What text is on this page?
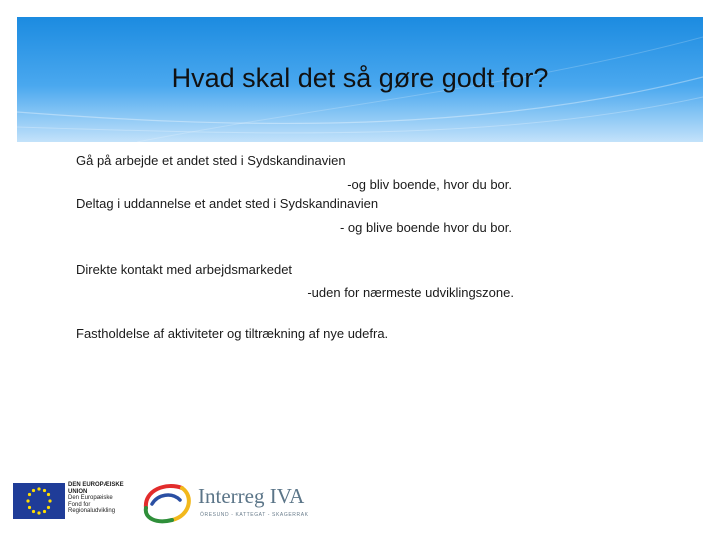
Hvad skal det så gøre godt for?

Gå på arbejde et andet sted i Sydskandinavien

-og bliv boende, hvor du bor.

Deltag i uddannelse et andet sted i Sydskandinavien

- og blive boende hvor du bor.

Direkte kontakt med arbejdsmarkedet

-uden for nærmeste udviklingszone.

Fastholdelse af aktiviteter og tiltrækning af nye udefra.

DEN EUROPÆISKE
UNION
Den Europæiske
Fond for
Regionaludvikling
Interreg IVA
ÖRESUND - KATTEGAT - SKAGERRAK
